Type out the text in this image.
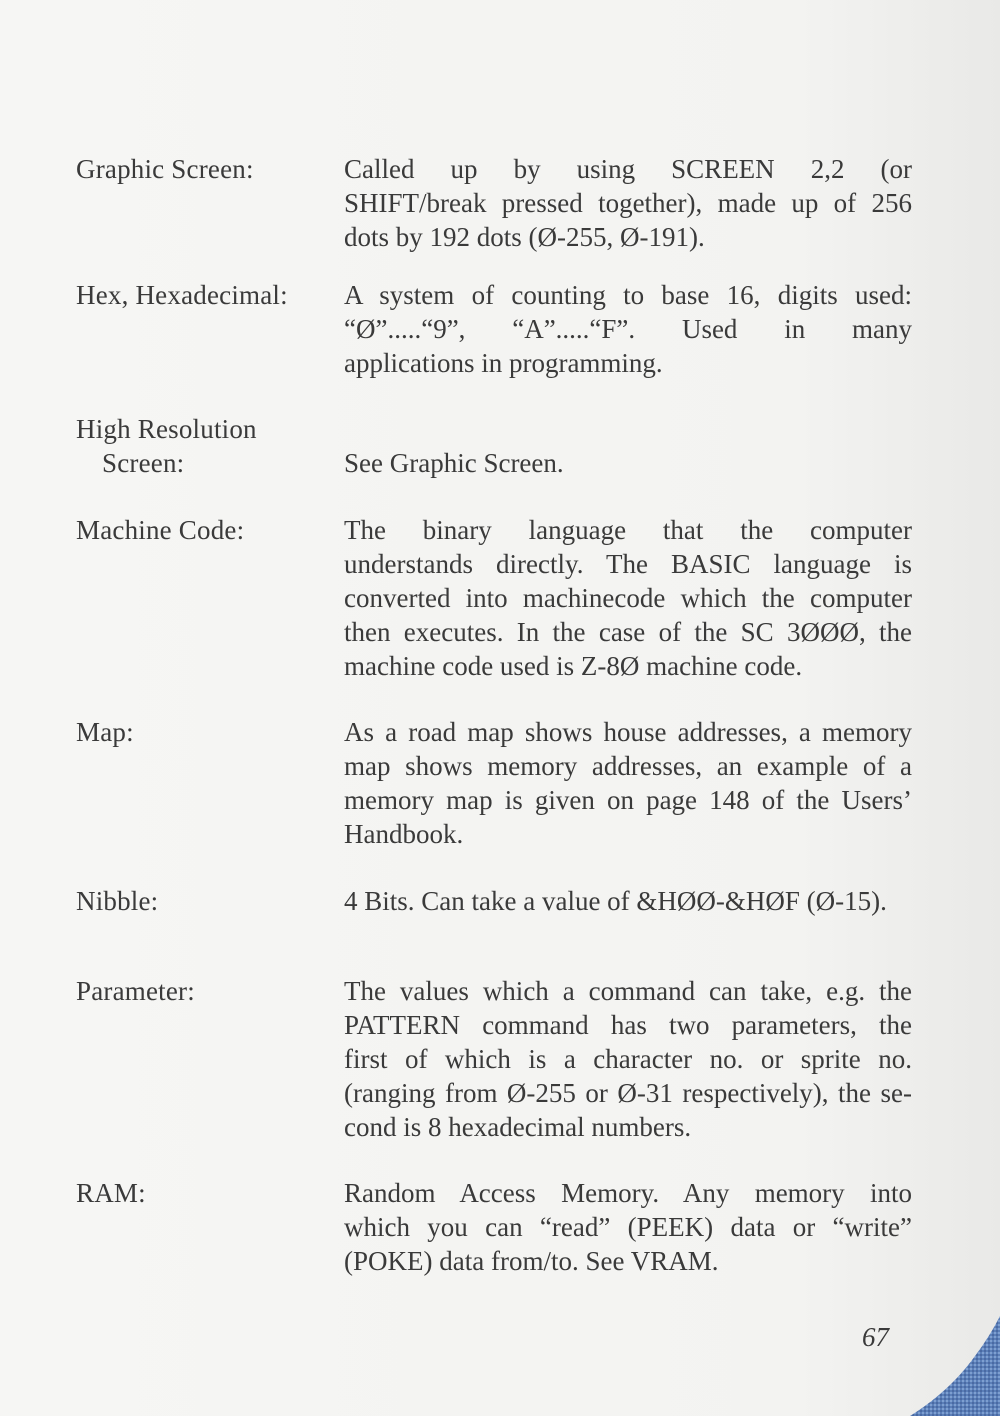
Graphic Screen:	Called up by using SCREEN 2,2 (or
SHIFT/break pressed together), made up of 256
dots by 192 dots (Ø-255, Ø-191).
Hex, Hexadecimal:	A system of counting to base 16, digits used:
“Ø”.....“9”, “A”.....“F”. Used in many
applications in programming.
High Resolution
Screen:	See Graphic Screen.
Machine Code:	The binary language that the computer
understands directly. The BASIC language is
converted into machinecode which the computer
then executes. In the case of the SC 3ØØØ, the
machine code used is Z-8Ø machine code.
Map:	As a road map shows house addresses, a memory
map shows memory addresses, an example of a
memory map is given on page 148 of the Users’
Handbook.
Nibble:	4 Bits. Can take a value of &HØØ-&HØF (Ø-15).
Parameter:	The values which a command can take, e.g. the
PATTERN command has two parameters, the
first of which is a character no. or sprite no.
(ranging from Ø-255 or Ø-31 respectively), the se-
cond is 8 hexadecimal numbers.
RAM:	Random Access Memory. Any memory into
which you can “read” (PEEK) data or “write”
(POKE) data from/to. See VRAM.
67
